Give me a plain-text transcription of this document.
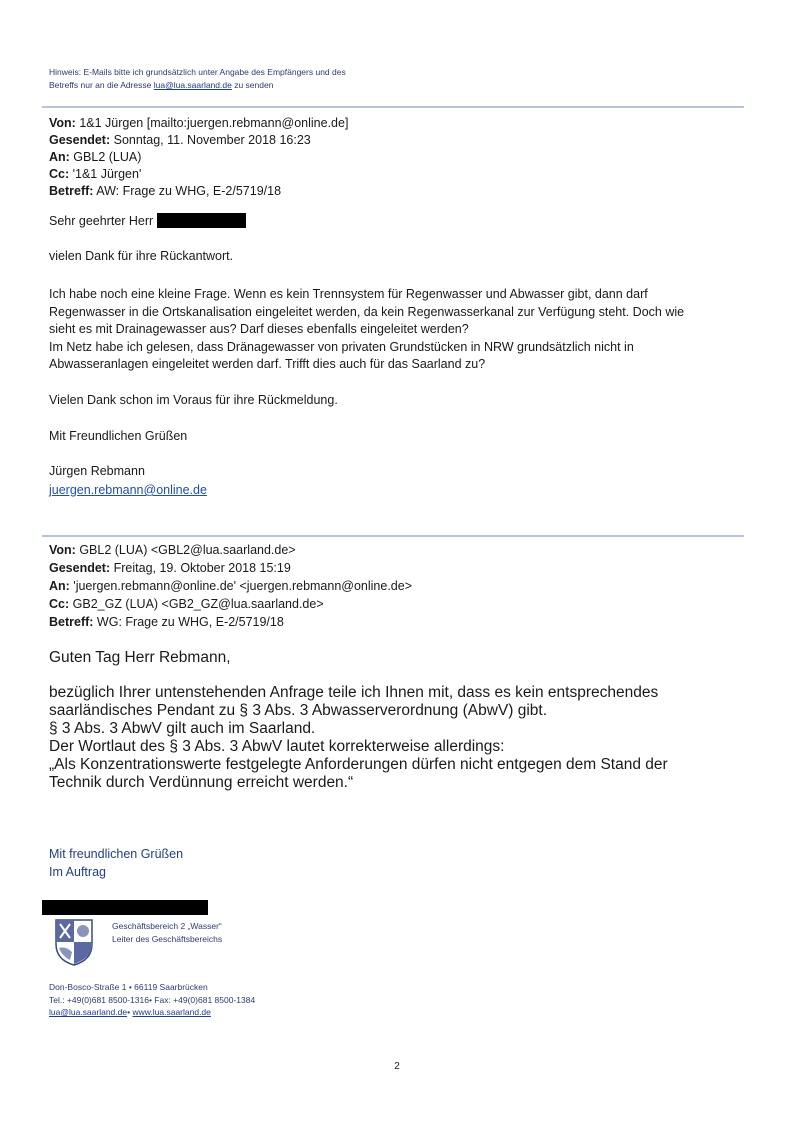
Hinweis: E-Mails bitte ich grundsätzlich unter Angabe des Empfängers und des
Betreffs nur an die Adresse lua@lua.saarland.de zu senden
Von: 1&1 Jürgen [mailto:juergen.rebmann@online.de]
Gesendet: Sonntag, 11. November 2018 16:23
An: GBL2 (LUA)
Cc: '1&1 Jürgen'
Betreff: AW: Frage zu WHG, E-2/5719/18
Sehr geehrter Herr
vielen Dank für ihre Rückantwort.
Ich habe noch eine kleine Frage. Wenn es kein Trennsystem für Regenwasser und Abwasser gibt, dann darf
Regenwasser in die Ortskanalisation eingeleitet werden, da kein Regenwasserkanal zur Verfügung steht. Doch wie
sieht es mit Drainagewasser aus? Darf dieses ebenfalls eingeleitet werden?
Im Netz habe ich gelesen, dass Dränagewasser von privaten Grundstücken in NRW grundsätzlich nicht in
Abwasseranlagen eingeleitet werden darf. Trifft dies auch für das Saarland zu?
Vielen Dank schon im Voraus für ihre Rückmeldung.
Mit Freundlichen Grüßen
Jürgen Rebmann
juergen.rebmann@online.de
Von: GBL2 (LUA) <GBL2@lua.saarland.de>
Gesendet: Freitag, 19. Oktober 2018 15:19
An: 'juergen.rebmann@online.de' <juergen.rebmann@online.de>
Cc: GB2_GZ (LUA) <GB2_GZ@lua.saarland.de>
Betreff: WG: Frage zu WHG, E-2/5719/18
Guten Tag Herr Rebmann,
bezüglich Ihrer untenstehenden Anfrage teile ich Ihnen mit, dass es kein entsprechendes
saarländisches Pendant zu § 3 Abs. 3 Abwasserverordnung (AbwV) gibt.
§ 3 Abs. 3 AbwV gilt auch im Saarland.
Der Wortlaut des § 3 Abs. 3 AbwV lautet korrekterweise allerdings:
„Als Konzentrationswerte festgelegte Anforderungen dürfen nicht entgegen dem Stand der
Technik durch Verdünnung erreicht werden.“
Mit freundlichen Grüßen
Im Auftrag
Geschäftsbereich 2 „Wasser“
Leiter des Geschäftsbereichs
Don-Bosco-Straße 1 • 66119 Saarbrücken
Tel.: +49(0)681 8500-1316• Fax: +49(0)681 8500-1384
lua@lua.saarland.de• www.lua.saarland.de
2
